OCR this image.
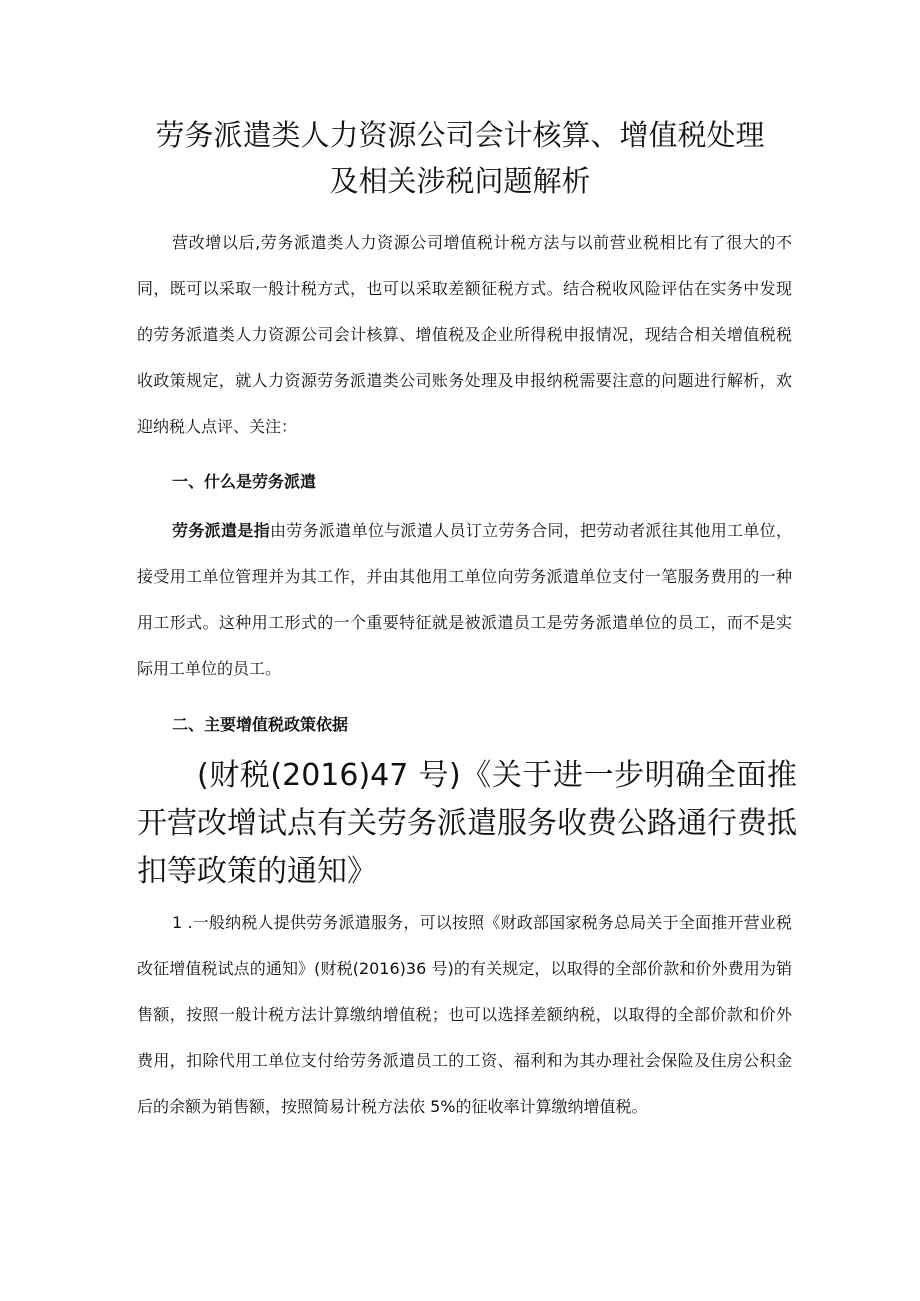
劳务派遣类人力资源公司会计核算、增值税处理
及相关涉税问题解析

营改增以后,劳务派遣类人力资源公司增值税计税方法与以前营业税相比有了很大的不同，既可以采取一般计税方式，也可以采取差额征税方式。结合税收风险评估在实务中发现的劳务派遣类人力资源公司会计核算、增值税及企业所得税申报情况，现结合相关增值税税收政策规定，就人力资源劳务派遣类公司账务处理及申报纳税需要注意的问题进行解析，欢迎纳税人点评、关注：

一、什么是劳务派遣

劳务派遣是指由劳务派遣单位与派遣人员订立劳务合同，把劳动者派往其他用工单位，接受用工单位管理并为其工作，并由其他用工单位向劳务派遣单位支付一笔服务费用的一种用工形式。这种用工形式的一个重要特征就是被派遣员工是劳务派遣单位的员工，而不是实际用工单位的员工。

二、主要增值税政策依据

(财税(2016)47 号)《关于进一步明确全面推开营改增试点有关劳务派遣服务收费公路通行费抵扣等政策的通知》

1 .一般纳税人提供劳务派遣服务，可以按照《财政部国家税务总局关于全面推开营业税改征增值税试点的通知》(财税(2016)36 号)的有关规定，以取得的全部价款和价外费用为销售额，按照一般计税方法计算缴纳增值税；也可以选择差额纳税，以取得的全部价款和价外费用，扣除代用工单位支付给劳务派遣员工的工资、福利和为其办理社会保险及住房公积金后的余额为销售额，按照简易计税方法依 5%的征收率计算缴纳增值税。
